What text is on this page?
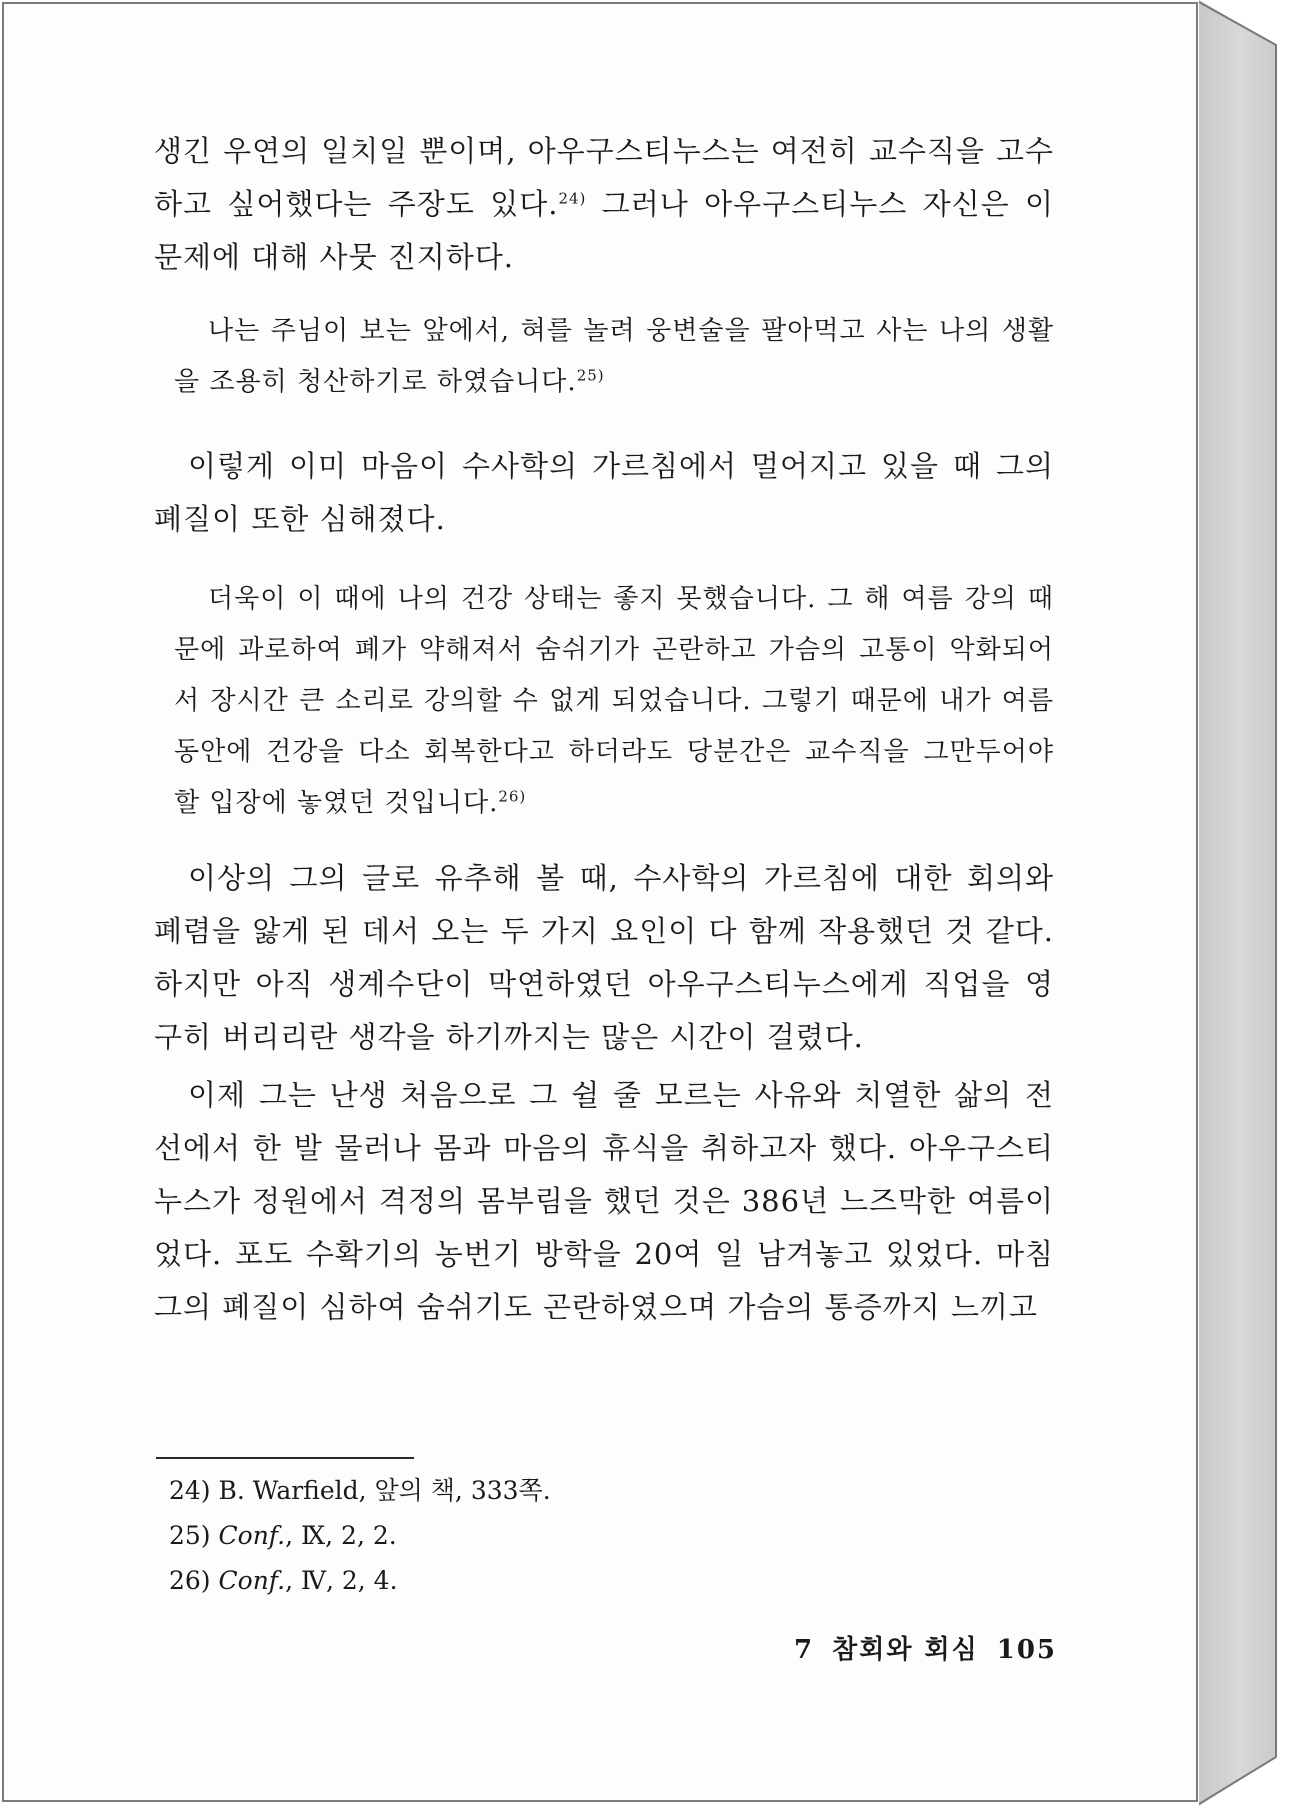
생긴 우연의 일치일 뿐이며, 아우구스티누스는 여전히 교수직을 고수하고 싶어했다는 주장도 있다.$^{24)}$ 그러나 아우구스티누스 자신은 이 문제에 대해 사뭇 진지하다.

나는 주님이 보는 앞에서, 혀를 놀려 웅변술을 팔아먹고 사는 나의 생활을 조용히 청산하기로 하였습니다.$^{25)}$

이렇게 이미 마음이 수사학의 가르침에서 멀어지고 있을 때 그의 폐질이 또한 심해졌다.

더욱이 이 때에 나의 건강 상태는 좋지 못했습니다. 그 해 여름 강의 때문에 과로하여 폐가 약해져서 숨쉬기가 곤란하고 가슴의 고통이 악화되어서 장시간 큰 소리로 강의할 수 없게 되었습니다. 그렇기 때문에 내가 여름 동안에 건강을 다소 회복한다고 하더라도 당분간은 교수직을 그만두어야 할 입장에 놓였던 것입니다.$^{26)}$

이상의 그의 글로 유추해 볼 때, 수사학의 가르침에 대한 회의와 폐렴을 앓게 된 데서 오는 두 가지 요인이 다 함께 작용했던 것 같다. 하지만 아직 생계수단이 막연하였던 아우구스티누스에게 직업을 영구히 버리리란 생각을 하기까지는 많은 시간이 걸렸다.

이제 그는 난생 처음으로 그 쉴 줄 모르는 사유와 치열한 삶의 전선에서 한 발 물러나 몸과 마음의 휴식을 취하고자 했다. 아우구스티누스가 정원에서 격정의 몸부림을 했던 것은 386년 느즈막한 여름이었다. 포도 수확기의 농번기 방학을 20여 일 남겨놓고 있었다. 마침 그의 폐질이 심하여 숨쉬기도 곤란하였으며 가슴의 통증까지 느끼고

24) B. Warfield, 앞의 책, 333쪽.

25) Conf., Ⅸ, 2, 2.

26) Conf., Ⅳ, 2, 4.

7 참회와 회심 105
